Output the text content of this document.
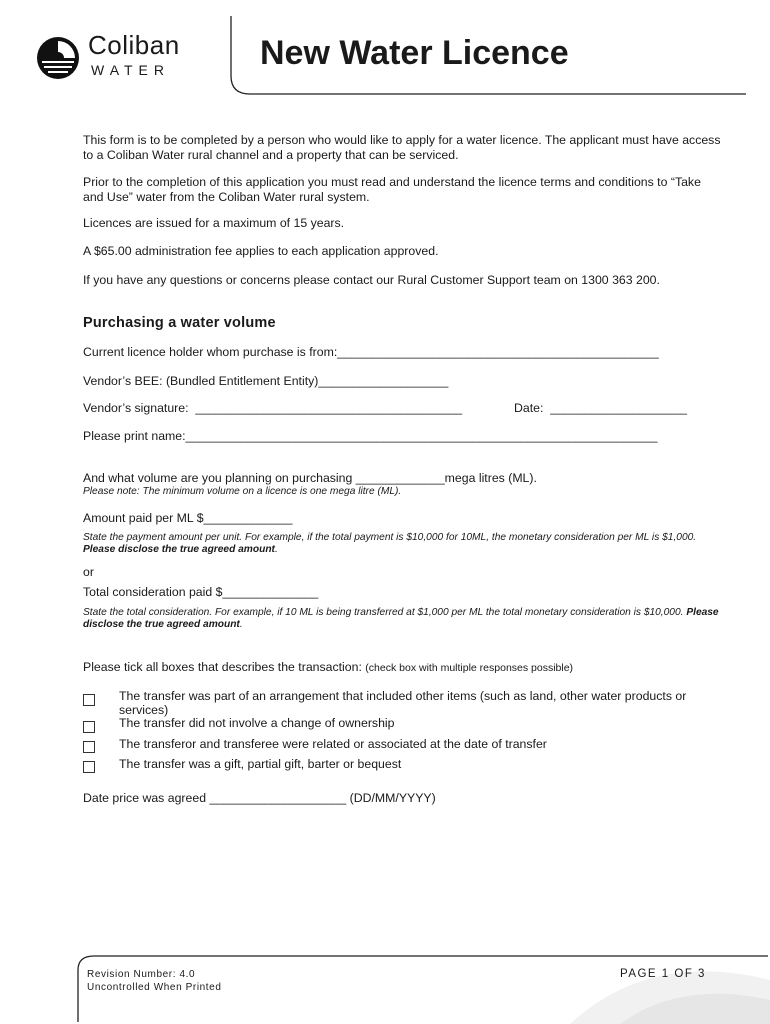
Coliban
WATER	New Water Licence
This form is to be completed by a person who would like to apply for a water licence. The applicant must have access to a Coliban Water rural channel and a property that can be serviced.
Prior to the completion of this application you must read and understand the licence terms and conditions to “Take and Use” water from the Coliban Water rural system.
Licences are issued for a maximum of 15 years.
A $65.00 administration fee applies to each application approved.
If you have any questions or concerns please contact our Rural Customer Support team on 1300 363 200.
Purchasing a water volume
Current licence holder whom purchase is from:_______________________________________________
Vendor’s BEE: (Bundled Entitlement Entity)___________________
Vendor’s signature:  _______________________________________	Date:  ____________________
Please print name:_____________________________________________________________________
And what volume are you planning on purchasing _____________mega litres (ML).
Please note: The minimum volume on a licence is one mega litre (ML).
Amount paid per ML $_____________
State the payment amount per unit. For example, if the total payment is $10,000 for 10ML, the monetary consideration per ML is $1,000. Please disclose the true agreed amount.
or
Total consideration paid $______________
State the total consideration. For example, if 10 ML is being transferred at $1,000 per ML the total monetary consideration is $10,000. Please disclose the true agreed amount.
Please tick all boxes that describes the transaction: (check box with multiple responses possible)
The transfer was part of an arrangement that included other items (such as land, other water products or services)
The transfer did not involve a change of ownership
The transferor and transferee were related or associated at the date of transfer
The transfer was a gift, partial gift, barter or bequest
Date price was agreed ____________________ (DD/MM/YYYY)
Revision Number: 4.0
Uncontrolled When Printed
PAGE 1 OF 3
